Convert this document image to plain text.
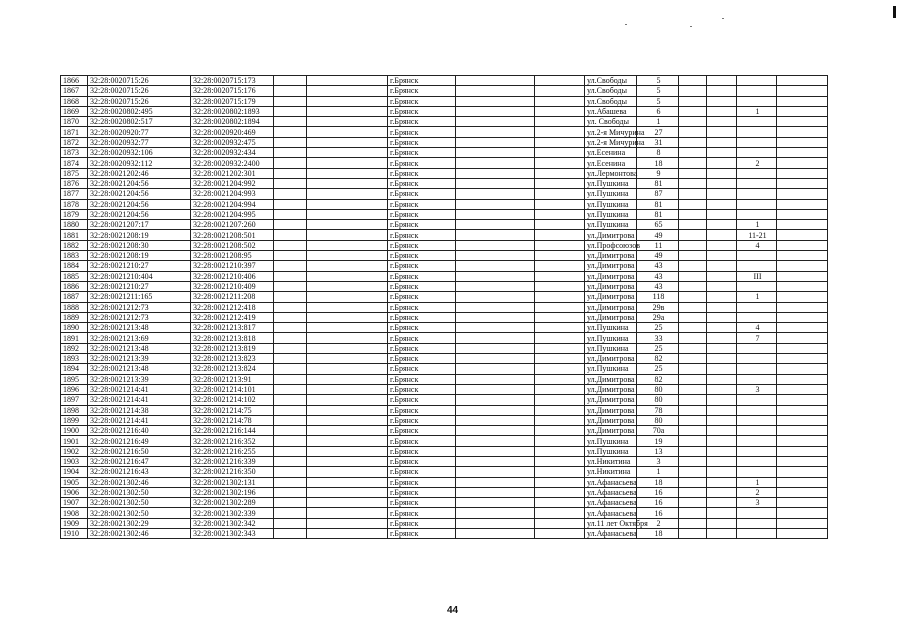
1866	32:28:0020715:26	32:28:0020715:173			г.Брянск			ул.Свободы	5				
1867	32:28:0020715:26	32:28:0020715:176			г.Брянск			ул.Свободы	5				
1868	32:28:0020715:26	32:28:0020715:179			г.Брянск			ул.Свободы	5				
1869	32:28:0020802:495	32:28:0020802:1893			г.Брянск			ул.Абашева	6			1	
1870	32:28:0020802:517	32:28:0020802:1894			г.Брянск			ул. Свободы	1				
1871	32:28:0020920:77	32:28:0020920:469			г.Брянск			ул.2-я Мичурина	27				
1872	32:28:0020932:77	32:28:0020932:475			г.Брянск			ул.2-я Мичурина	31				
1873	32:28:0020932:106	32:28:0020932:434			г.Брянск			ул.Есенина	8				
1874	32:28:0020932:112	32:28:0020932:2400			г.Брянск			ул.Есенина	18			2	
1875	32:28:0021202:46	32:28:0021202:301			г.Брянск			ул.Лермонтова	9				
1876	32:28:0021204:56	32:28:0021204:992			г.Брянск			ул.Пушкина	81				
1877	32:28:0021204:56	32:28:0021204:993			г.Брянск			ул.Пушкина	87				
1878	32:28:0021204:56	32:28:0021204:994			г.Брянск			ул.Пушкина	81				
1879	32:28:0021204:56	32:28:0021204:995			г.Брянск			ул.Пушкина	81				
1880	32:28:0021207:17	32:28:0021207:260			г.Брянск			ул.Пушкина	65			1	
1881	32:28:0021208:19	32:28:0021208:501			г.Брянск			ул.Димитрова	49			11-21	
1882	32:28:0021208:30	32:28:0021208:502			г.Брянск			ул.Профсоюзов	11			4	
1883	32:28:0021208:19	32:28:0021208:95			г.Брянск			ул.Димитрова	49				
1884	32:28:0021210:27	32:28:0021210:397			г.Брянск			ул.Димитрова	43				
1885	32:28:0021210:404	32:28:0021210:406			г.Брянск			ул.Димитрова	43			III	
1886	32:28:0021210:27	32:28:0021210:409			г.Брянск			ул.Димитрова	43				
1887	32:28:0021211:165	32:28:0021211:208			г.Брянск			ул.Димитрова	118			1	
1888	32:28:0021212:73	32:28:0021212:418			г.Брянск			ул.Димитрова	29в				
1889	32:28:0021212:73	32:28:0021212:419			г.Брянск			ул.Димитрова	29а				
1890	32:28:0021213:48	32:28:0021213:817			г.Брянск			ул.Пушкина	25			4	
1891	32:28:0021213:69	32:28:0021213:818			г.Брянск			ул.Пушкина	33			7	
1892	32:28:0021213:48	32:28:0021213:819			г.Брянск			ул.Пушкина	25				
1893	32:28:0021213:39	32:28:0021213:823			г.Брянск			ул.Димитрова	82				
1894	32:28:0021213:48	32:28:0021213:824			г.Брянск			ул.Пушкина	25				
1895	32:28:0021213:39	32:28:0021213:91			г.Брянск			ул.Димитрова	82				
1896	32:28:0021214:41	32:28:0021214:101			г.Брянск			ул.Димитрова	80			3	
1897	32:28:0021214:41	32:28:0021214:102			г.Брянск			ул.Димитрова	80				
1898	32:28:0021214:38	32:28:0021214:75			г.Брянск			ул.Димитрова	78				
1899	32:28:0021214:41	32:28:0021214:78			г.Брянск			ул.Димитрова	80				
1900	32:28:0021216:40	32:28:0021216:144			г.Брянск			ул.Димитрова	70а				
1901	32:28:0021216:49	32:28:0021216:352			г.Брянск			ул.Пушкина	19				
1902	32:28:0021216:50	32:28:0021216:255			г.Брянск			ул.Пушкина	13				
1903	32:28:0021216:47	32:28:0021216:339			г.Брянск			ул.Никитина	3				
1904	32:28:0021216:43	32:28:0021216:350			г.Брянск			ул.Никитина	1				
1905	32:28:0021302:46	32:28:0021302:131			г.Брянск			ул.Афанасьева	18			1	
1906	32:28:0021302:50	32:28:0021302:196			г.Брянск			ул.Афанасьева	16			2	
1907	32:28:0021302:50	32:28:0021302:289			г.Брянск			ул.Афанасьева	16			3	
1908	32:28:0021302:50	32:28:0021302:339			г.Брянск			ул.Афанасьева	16				
1909	32:28:0021302:29	32:28:0021302:342			г.Брянск			ул.11 лет Октября	2				
1910	32:28:0021302:46	32:28:0021302:343			г.Брянск			ул.Афанасьева	18				
44
